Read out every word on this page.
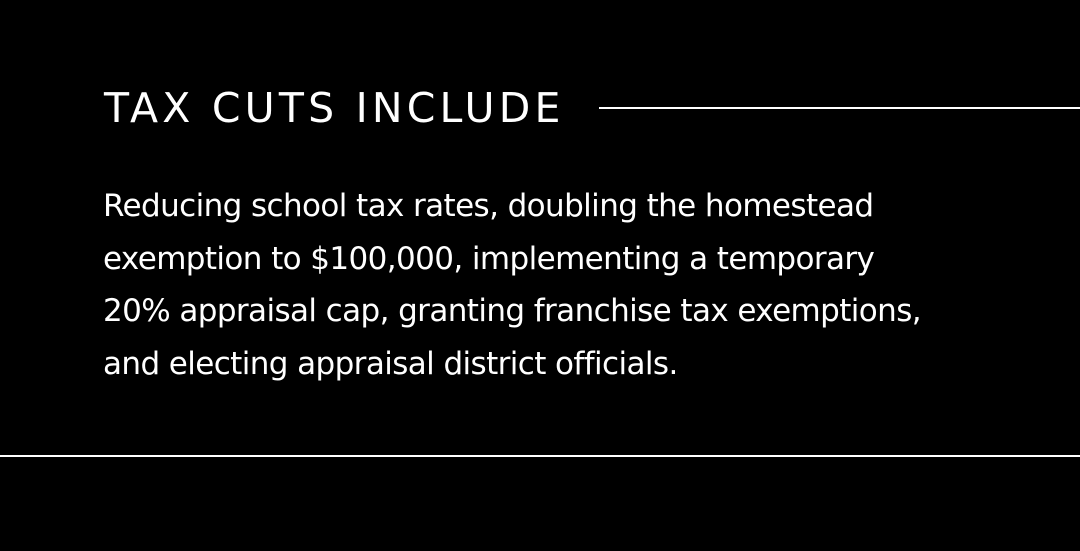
TAX CUTS INCLUDE

Reducing school tax rates, doubling the homestead
exemption to $100,000, implementing a temporary
20% appraisal cap, granting franchise tax exemptions,
and electing appraisal district officials.
